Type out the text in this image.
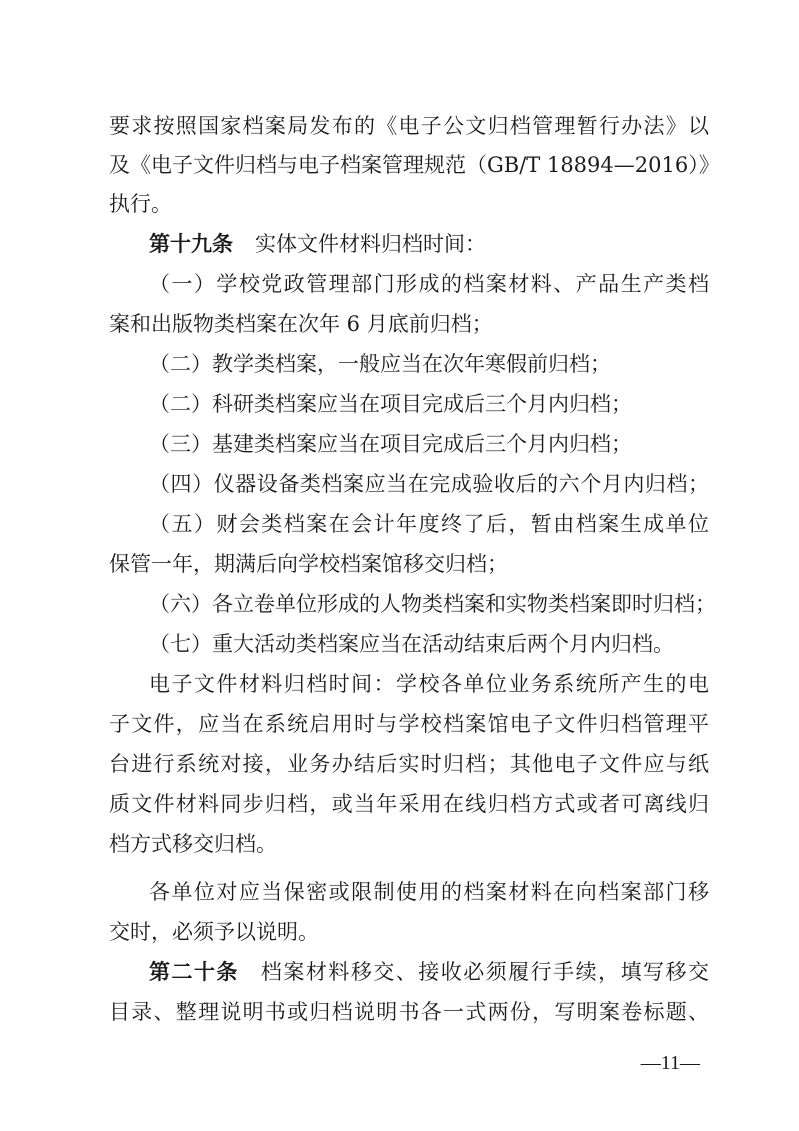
要求按照国家档案局发布的《电子公文归档管理暂行办法》以
及《电子文件归档与电子档案管理规范（GB/T 18894—2016）》
执行。
第十九条 实体文件材料归档时间：
（一）学校党政管理部门形成的档案材料、产品生产类档
案和出版物类档案在次年 6 月底前归档；
（二）教学类档案，一般应当在次年寒假前归档；
（二）科研类档案应当在项目完成后三个月内归档；
（三）基建类档案应当在项目完成后三个月内归档；
（四）仪器设备类档案应当在完成验收后的六个月内归档；
（五）财会类档案在会计年度终了后，暂由档案生成单位
保管一年，期满后向学校档案馆移交归档；
（六）各立卷单位形成的人物类档案和实物类档案即时归档；
（七）重大活动类档案应当在活动结束后两个月内归档。
电子文件材料归档时间：学校各单位业务系统所产生的电
子文件，应当在系统启用时与学校档案馆电子文件归档管理平
台进行系统对接，业务办结后实时归档；其他电子文件应与纸
质文件材料同步归档，或当年采用在线归档方式或者可离线归
档方式移交归档。
各单位对应当保密或限制使用的档案材料在向档案部门移
交时，必须予以说明。
第二十条 档案材料移交、接收必须履行手续，填写移交
目录、整理说明书或归档说明书各一式两份，写明案卷标题、
—11—
